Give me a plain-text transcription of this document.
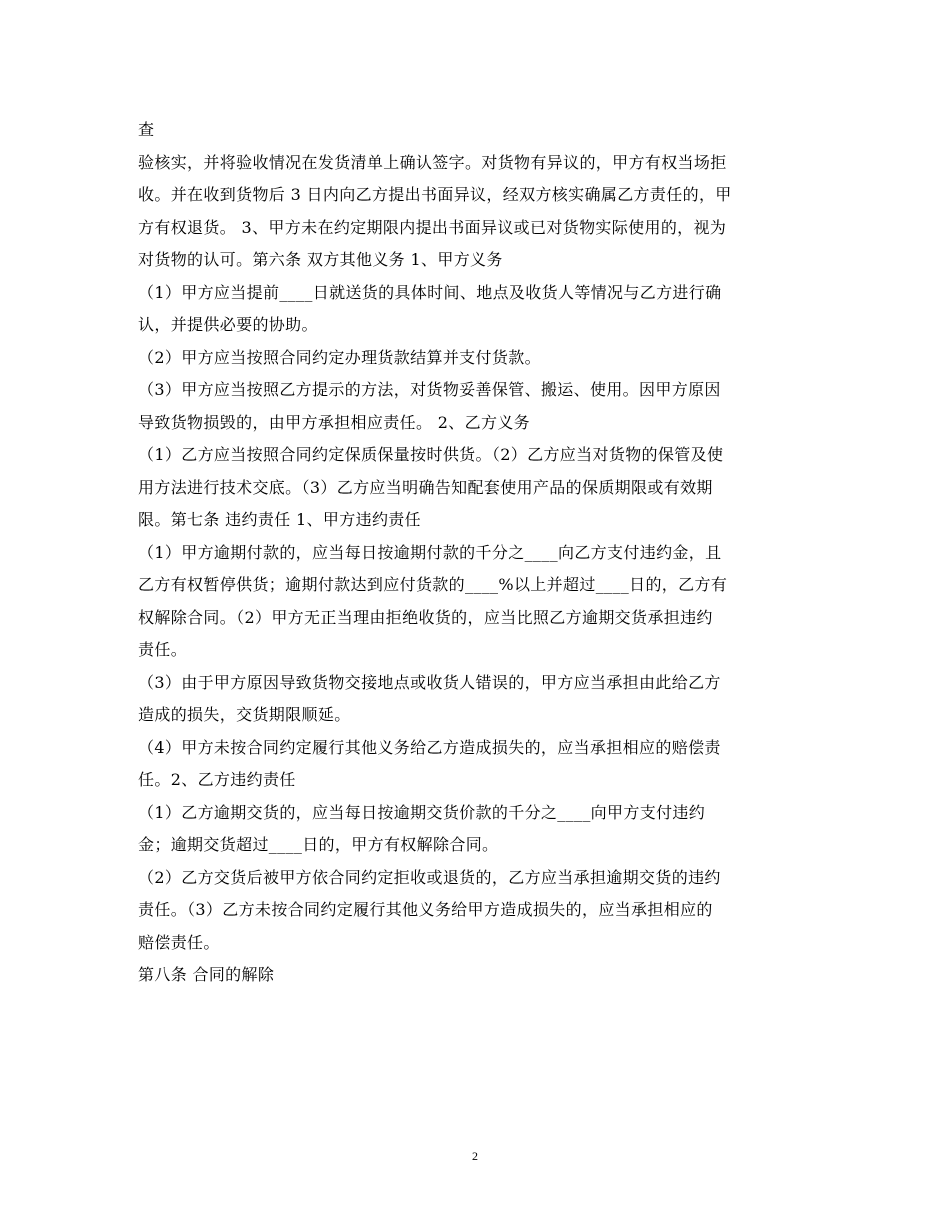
查

验核实，并将验收情况在发货清单上确认签字。对货物有异议的，甲方有权当场拒

收。并在收到货物后 3 日内向乙方提出书面异议，经双方核实确属乙方责任的，甲

方有权退货。 3、甲方未在约定期限内提出书面异议或已对货物实际使用的，视为

对货物的认可。第六条 双方其他义务 1、甲方义务

（1）甲方应当提前____日就送货的具体时间、地点及收货人等情况与乙方进行确

认，并提供必要的协助。

（2）甲方应当按照合同约定办理货款结算并支付货款。

（3）甲方应当按照乙方提示的方法，对货物妥善保管、搬运、使用。因甲方原因

导致货物损毁的，由甲方承担相应责任。 2、乙方义务

（1）乙方应当按照合同约定保质保量按时供货。（2）乙方应当对货物的保管及使

用方法进行技术交底。（3）乙方应当明确告知配套使用产品的保质期限或有效期

限。第七条 违约责任 1、甲方违约责任

（1）甲方逾期付款的，应当每日按逾期付款的千分之____向乙方支付违约金，且

乙方有权暂停供货；逾期付款达到应付货款的____%以上并超过____日的，乙方有

权解除合同。（2）甲方无正当理由拒绝收货的，应当比照乙方逾期交货承担违约

责任。

（3）由于甲方原因导致货物交接地点或收货人错误的，甲方应当承担由此给乙方

造成的损失，交货期限顺延。

（4）甲方未按合同约定履行其他义务给乙方造成损失的，应当承担相应的赔偿责

任。2、乙方违约责任

（1）乙方逾期交货的，应当每日按逾期交货价款的千分之____向甲方支付违约

金；逾期交货超过____日的，甲方有权解除合同。

（2）乙方交货后被甲方依合同约定拒收或退货的，乙方应当承担逾期交货的违约

责任。（3）乙方未按合同约定履行其他义务给甲方造成损失的，应当承担相应的

赔偿责任。

第八条 合同的解除

2
